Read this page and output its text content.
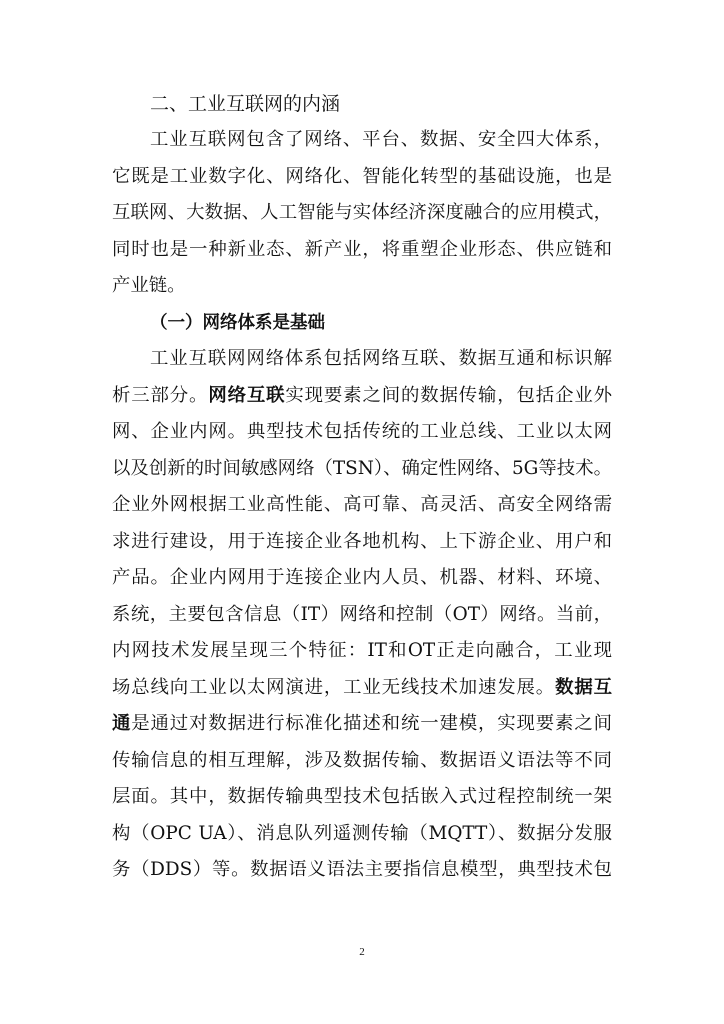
二、工业互联网的内涵

工业互联网包含了网络、平台、数据、安全四大体系，

它既是工业数字化、网络化、智能化转型的基础设施，也是

互联网、大数据、人工智能与实体经济深度融合的应用模式，

同时也是一种新业态、新产业，将重塑企业形态、供应链和

产业链。

（一）网络体系是基础

工业互联网网络体系包括网络互联、数据互通和标识解

析三部分。网络互联实现要素之间的数据传输，包括企业外

网、企业内网。典型技术包括传统的工业总线、工业以太网

以及创新的时间敏感网络（TSN）、确定性网络、5G等技术。

企业外网根据工业高性能、高可靠、高灵活、高安全网络需

求进行建设，用于连接企业各地机构、上下游企业、用户和

产品。企业内网用于连接企业内人员、机器、材料、环境、

系统，主要包含信息（IT）网络和控制（OT）网络。当前，

内网技术发展呈现三个特征：IT和OT正走向融合，工业现

场总线向工业以太网演进，工业无线技术加速发展。数据互

通是通过对数据进行标准化描述和统一建模，实现要素之间

传输信息的相互理解，涉及数据传输、数据语义语法等不同

层面。其中，数据传输典型技术包括嵌入式过程控制统一架

构（OPC UA）、消息队列遥测传输（MQTT）、数据分发服

务（DDS）等。数据语义语法主要指信息模型，典型技术包

2
